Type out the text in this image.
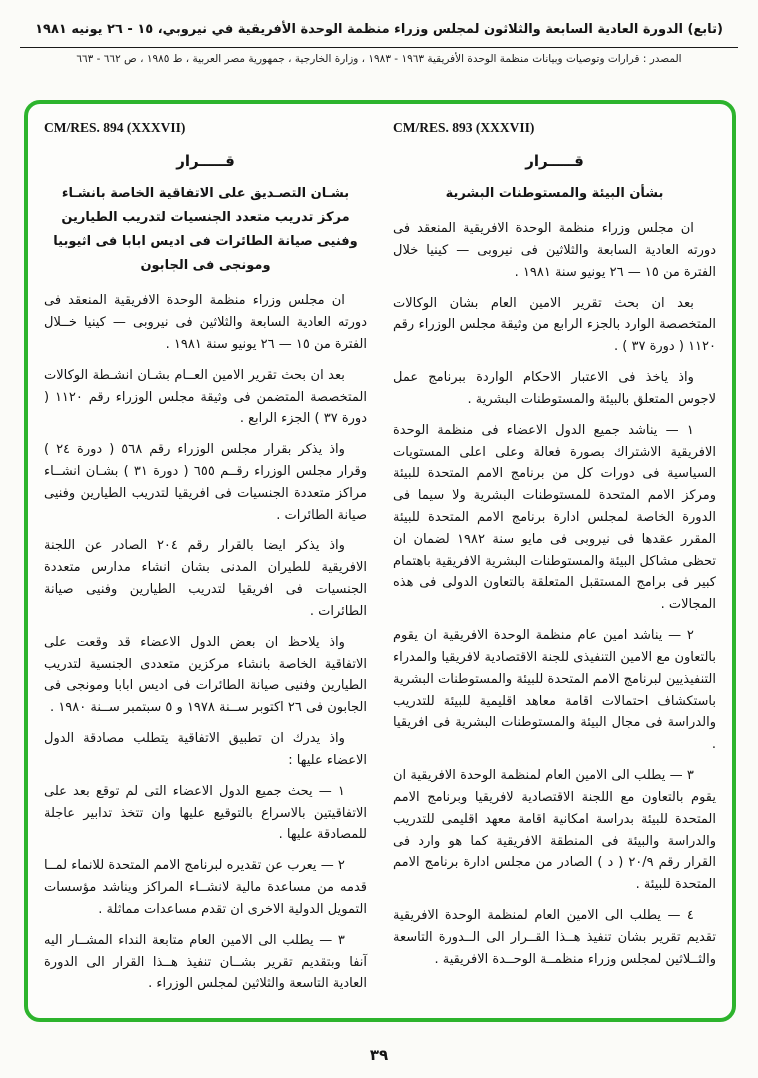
(تابع) الدورة العادية السابعة والثلاثون لمجلس وزراء منظمة الوحدة الأفريقية في نيروبي، ١٥ - ٢٦ يونيه ١٩٨١
المصدر : قرارات وتوصيات وبيانات منظمة الوحدة الأفريقية ١٩٦٣ - ١٩٨٣ ، وزارة الخارجية ، جمهورية مصر العربية ، ط ١٩٨٥ ، ص ٦٦٢ - ٦٦٣
CM/RES. 893 (XXXVII)
قـــــرار
بشأن البيئة والمستوطنات البشرية

ان مجلس وزراء منظمة الوحدة الافريقية المنعقد فى دورته العادية السابعة والثلاثين فى نيروبى — كينيا خلال الفترة من ١٥ — ٢٦ يونيو سنة ١٩٨١ .

بعد ان بحث تقرير الامين العام بشان الوكالات المتخصصة الوارد بالجزء الرابع من وثيقة مجلس الوزراء رقم ١١٢٠ ( دورة ٣٧ ) .

واذ ياخذ فى الاعتبار الاحكام الواردة ببرنامج عمل لاجوس المتعلق بالبيئة والمستوطنات البشرية .

١ — يناشد جميع الدول الاعضاء فى منظمة الوحدة الافريقية الاشتراك بصورة فعالة وعلى اعلى المستويات السياسية فى دورات كل من برنامج الامم المتحدة للبيئة ومركز الامم المتحدة للمستوطنات البشرية ولا سيما فى الدورة الخاصة لمجلس ادارة برنامج الامم المتحدة للبيئة المقرر عقدها فى نيروبى فى مايو سنة ١٩٨٢ لضمان ان تحظى مشاكل البيئة والمستوطنات البشرية الافريقية باهتمام كبير فى برامج المستقبل المتعلقة بالتعاون الدولى فى هذه المجالات .

٢ — يناشد امين عام منظمة الوحدة الافريقية ان يقوم بالتعاون مع الامين التنفيذى للجنة الاقتصادية لافريقيا والمدراء التنفيذيين لبرنامج الامم المتحدة للبيئة والمستوطنات البشرية باستكشاف احتمالات اقامة معاهد اقليمية للبيئة للتدريب والدراسة فى مجال البيئة والمستوطنات البشرية فى افريقيا .

٣ — يطلب الى الامين العام لمنظمة الوحدة الافريقية ان يقوم بالتعاون مع اللجنة الاقتصادية لافريقيا وبرنامج الامم المتحدة للبيئة بدراسة امكانية اقامة معهد اقليمى للتدريب والدراسة والبيئة فى المنطقة الافريقية كما هو وارد فى القرار رقم ٢٠/٩ ( د ) الصادر من مجلس ادارة برنامج الامم المتحدة للبيئة .

٤ — يطلب الى الامين العام لمنظمة الوحدة الافريقية تقديم تقرير بشان تنفيذ هــذا القــرار الى الــدورة التاسعة والثــلاثين لمجلس وزراء منظمــة الوحــدة الافريقية .

CM/RES. 894 (XXXVII)
قـــــرار
بشـان التصـديق على الاتفاقية الخاصة بانشـاء مركز تدريب متعدد الجنسيات لتدريب الطيارين وفنيى صيانة الطائرات فى اديس ابابا فى اثيوبيا ومونجى فى الجابون

ان مجلس وزراء منظمة الوحدة الافريقية المنعقد فى دورته العادية السابعة والثلاثين فى نيروبى — كينيا خــلال الفترة من ١٥ — ٢٦ يونيو سنة ١٩٨١ .

بعد ان بحث تقرير الامين العــام بشـان انشـطة الوكالات المتخصصة المتضمن فى وثيقة مجلس الوزراء رقم ١١٢٠ ( دورة ٣٧ ) الجزء الرابع .

واذ يذكر بقرار مجلس الوزراء رقم ٥٦٨ ( دورة ٢٤ ) وقرار مجلس الوزراء رقــم ٦٥٥ ( دورة ٣١ ) بشـان انشــاء مراكز متعددة الجنسيات فى افريقيا لتدريب الطيارين وفنيى صيانة الطائرات .

واذ يذكر ايضا بالقرار رقم ٢٠٤ الصادر عن اللجنة الافريقية للطيران المدنى بشان انشاء مدارس متعددة الجنسيات فى افريقيا لتدريب الطيارين وفنيى صيانة الطائرات .

واذ يلاحظ ان بعض الدول الاعضاء قد وقعت على الاتفاقية الخاصة بانشاء مركزين متعددى الجنسية لتدريب الطيارين وفنيى صيانة الطائرات فى اديس ابابا ومونجى فى الجابون فى ٢٦ اكتوبر ســنة ١٩٧٨ و ٥ سبتمبر ســنة ١٩٨٠ .

واذ يدرك ان تطبيق الاتفاقية يتطلب مصادقة الدول الاعضاء عليها :

١ — يحث جميع الدول الاعضاء التى لم توقع بعد على الاتفاقيتين بالاسراع بالتوقيع عليها وان تتخذ تدابير عاجلة للمصادقة عليها .

٢ — يعرب عن تقديره لبرنامج الامم المتحدة للانماء لمــا قدمه من مساعدة مالية لانشــاء المراكز ويناشد مؤسسات التمويل الدولية الاخرى ان تقدم مساعدات مماثلة .

٣ — يطلب الى الامين العام متابعة النداء المشــار اليه آنفا وبتقديم تقرير بشــان تنفيذ هــذا القرار الى الدورة العادية التاسعة والثلاثين لمجلس الوزراء .

٣٩
